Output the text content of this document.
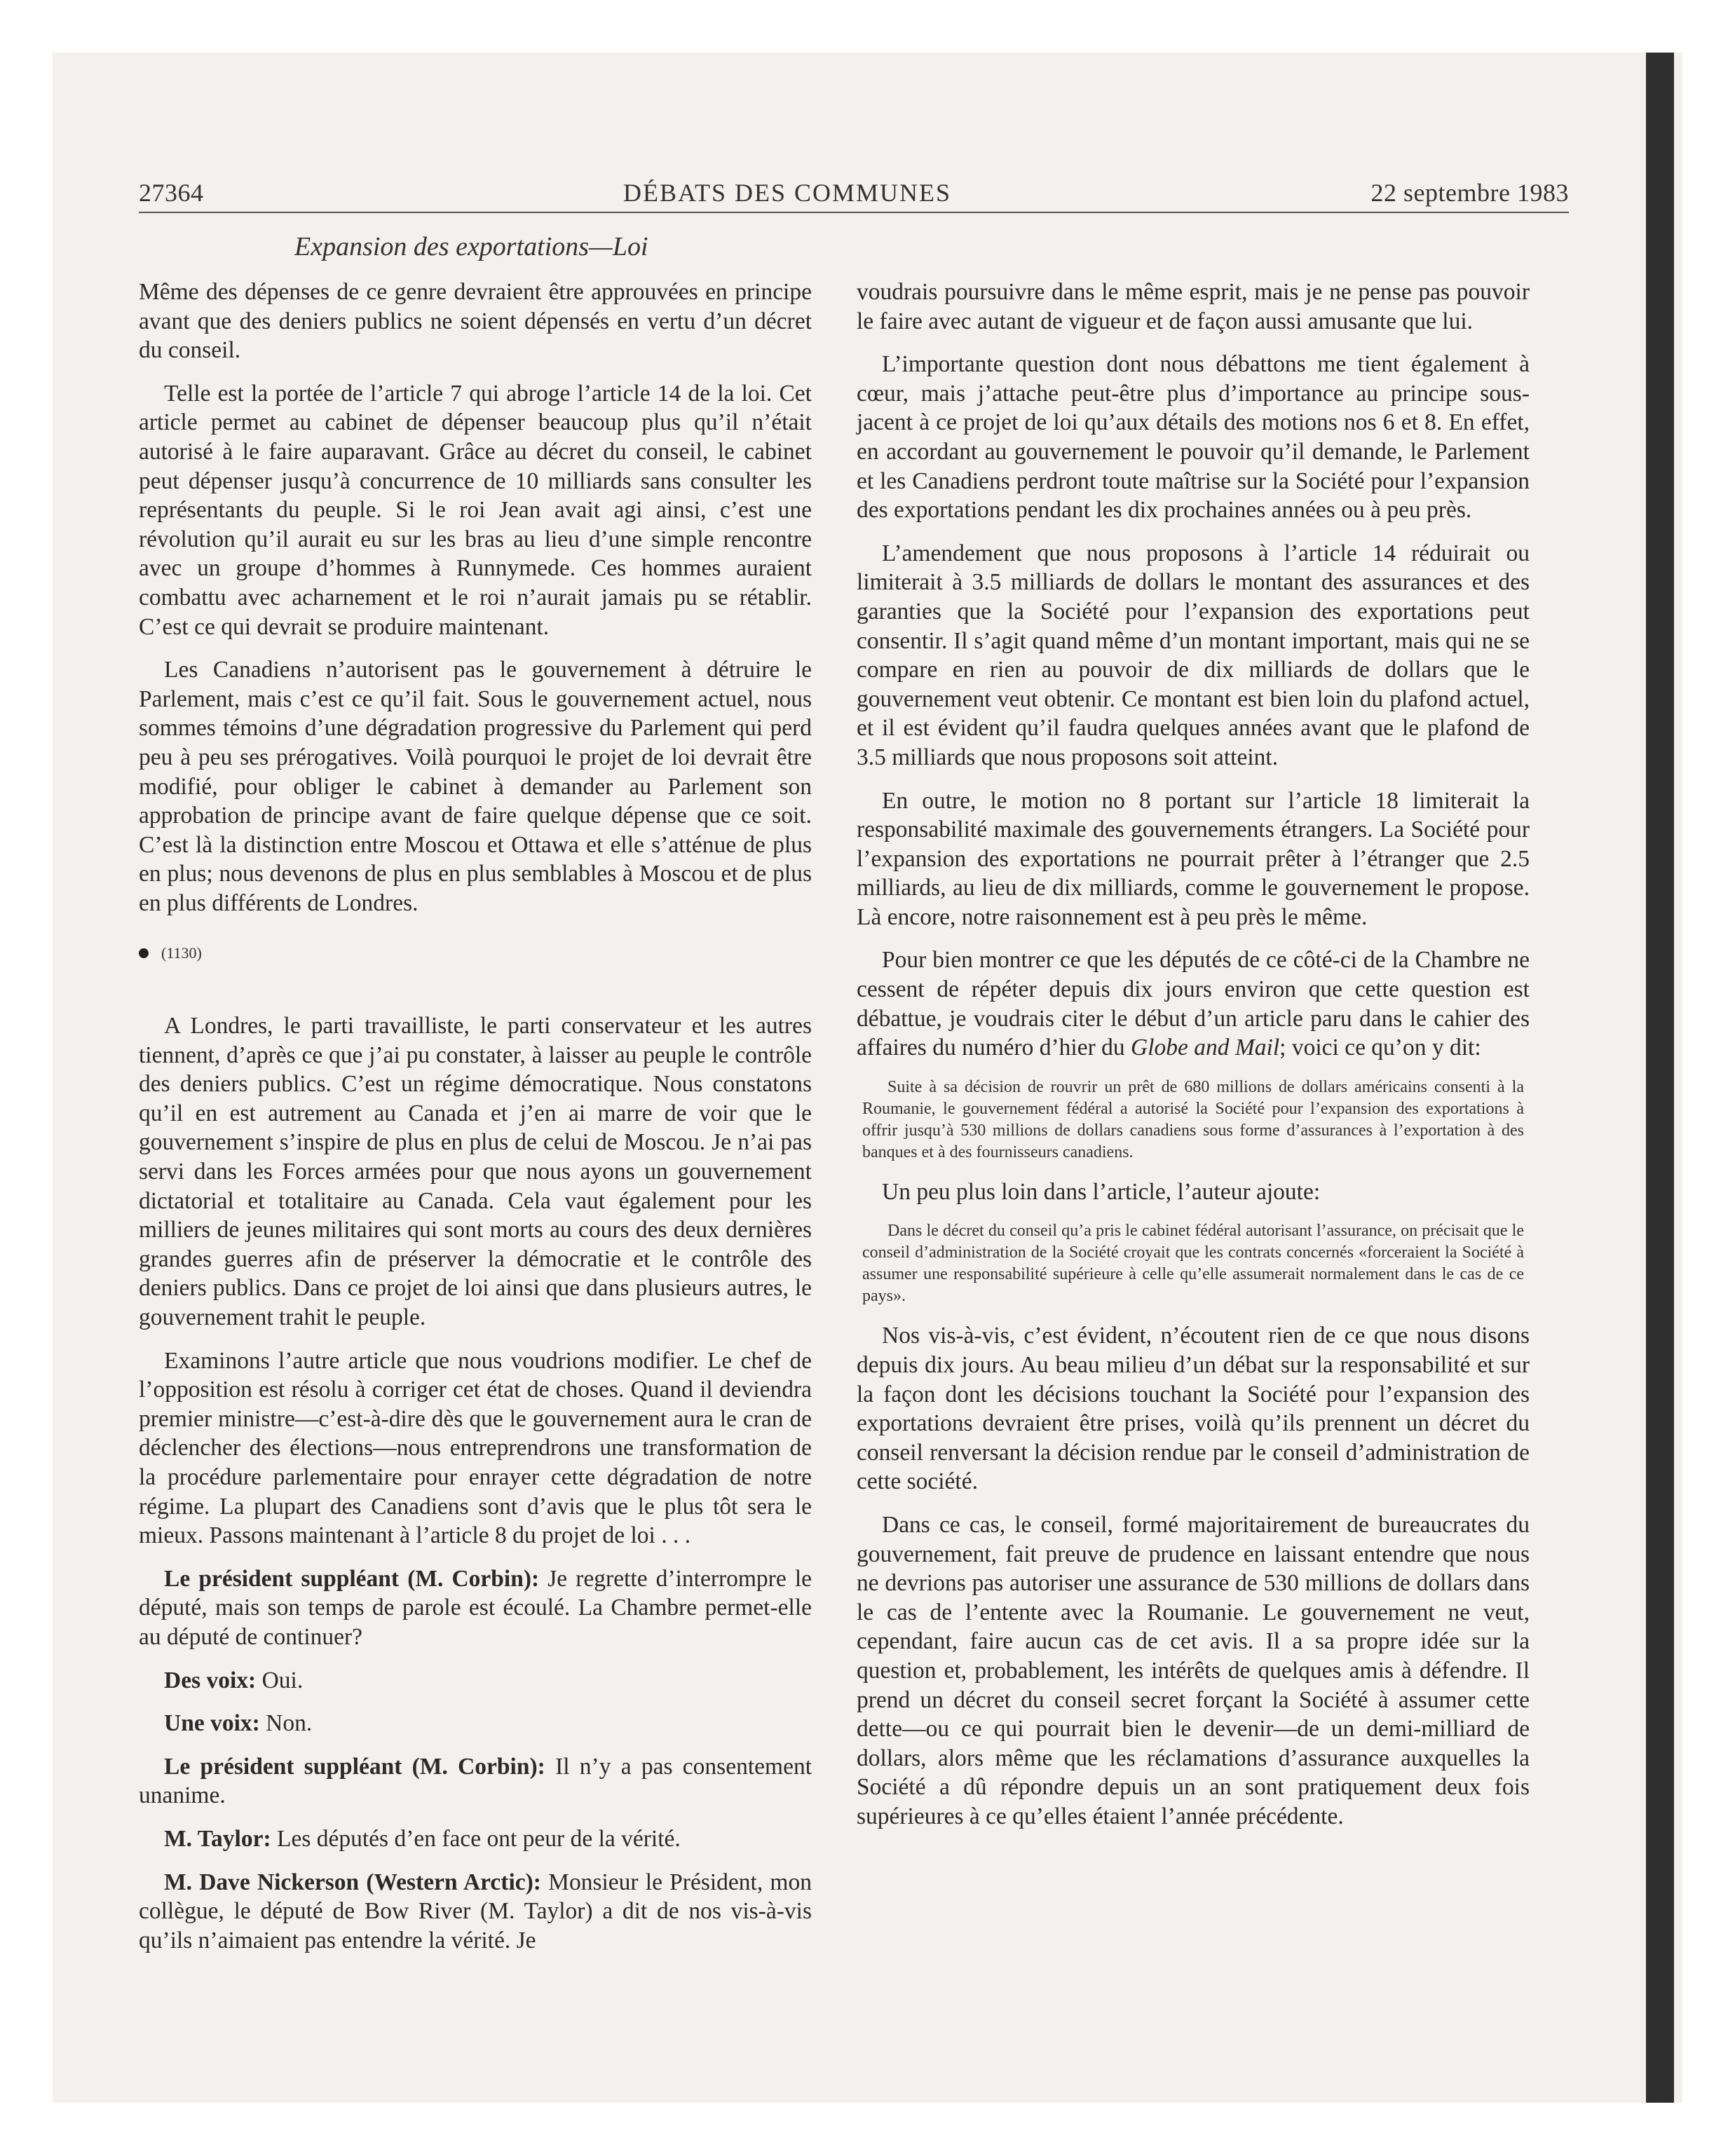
27364	DÉBATS DES COMMUNES	22 septembre 1983
Expansion des exportations—Loi

Même des dépenses de ce genre devraient être approuvées en principe avant que des deniers publics ne soient dépensés en vertu d’un décret du conseil.

Telle est la portée de l’article 7 qui abroge l’article 14 de la loi. Cet article permet au cabinet de dépenser beaucoup plus qu’il n’était autorisé à le faire auparavant. Grâce au décret du conseil, le cabinet peut dépenser jusqu’à concurrence de 10 milliards sans consulter les représentants du peuple. Si le roi Jean avait agi ainsi, c’est une révolution qu’il aurait eu sur les bras au lieu d’une simple rencontre avec un groupe d’hommes à Runnymede. Ces hommes auraient combattu avec acharnement et le roi n’aurait jamais pu se rétablir. C’est ce qui devrait se produire maintenant.

Les Canadiens n’autorisent pas le gouvernement à détruire le Parlement, mais c’est ce qu’il fait. Sous le gouvernement actuel, nous sommes témoins d’une dégradation progressive du Parlement qui perd peu à peu ses prérogatives. Voilà pourquoi le projet de loi devrait être modifié, pour obliger le cabinet à demander au Parlement son approbation de principe avant de faire quelque dépense que ce soit. C’est là la distinction entre Moscou et Ottawa et elle s’atténue de plus en plus; nous devenons de plus en plus semblables à Moscou et de plus en plus différents de Londres.

(1130)

A Londres, le parti travailliste, le parti conservateur et les autres tiennent, d’après ce que j’ai pu constater, à laisser au peuple le contrôle des deniers publics. C’est un régime démocratique. Nous constatons qu’il en est autrement au Canada et j’en ai marre de voir que le gouvernement s’inspire de plus en plus de celui de Moscou. Je n’ai pas servi dans les Forces armées pour que nous ayons un gouvernement dictatorial et totalitaire au Canada. Cela vaut également pour les milliers de jeunes militaires qui sont morts au cours des deux dernières grandes guerres afin de préserver la démocratie et le contrôle des deniers publics. Dans ce projet de loi ainsi que dans plusieurs autres, le gouvernement trahit le peuple.

Examinons l’autre article que nous voudrions modifier. Le chef de l’opposition est résolu à corriger cet état de choses. Quand il deviendra premier ministre—c’est-à-dire dès que le gouvernement aura le cran de déclencher des élections—nous entreprendrons une transformation de la procédure parlementaire pour enrayer cette dégradation de notre régime. La plupart des Canadiens sont d’avis que le plus tôt sera le mieux. Passons maintenant à l’article 8 du projet de loi . . .

Le président suppléant (M. Corbin): Je regrette d’interrompre le député, mais son temps de parole est écoulé. La Chambre permet-elle au député de continuer?

Des voix: Oui.

Une voix: Non.

Le président suppléant (M. Corbin): Il n’y a pas consentement unanime.

M. Taylor: Les députés d’en face ont peur de la vérité.

M. Dave Nickerson (Western Arctic): Monsieur le Président, mon collègue, le député de Bow River (M. Taylor) a dit de nos vis-à-vis qu’ils n’aimaient pas entendre la vérité. Je

voudrais poursuivre dans le même esprit, mais je ne pense pas pouvoir le faire avec autant de vigueur et de façon aussi amusante que lui.

L’importante question dont nous débattons me tient également à cœur, mais j’attache peut-être plus d’importance au principe sous-jacent à ce projet de loi qu’aux détails des motions nos 6 et 8. En effet, en accordant au gouvernement le pouvoir qu’il demande, le Parlement et les Canadiens perdront toute maîtrise sur la Société pour l’expansion des exportations pendant les dix prochaines années ou à peu près.

L’amendement que nous proposons à l’article 14 réduirait ou limiterait à 3.5 milliards de dollars le montant des assurances et des garanties que la Société pour l’expansion des exportations peut consentir. Il s’agit quand même d’un montant important, mais qui ne se compare en rien au pouvoir de dix milliards de dollars que le gouvernement veut obtenir. Ce montant est bien loin du plafond actuel, et il est évident qu’il faudra quelques années avant que le plafond de 3.5 milliards que nous proposons soit atteint.

En outre, le motion no 8 portant sur l’article 18 limiterait la responsabilité maximale des gouvernements étrangers. La Société pour l’expansion des exportations ne pourrait prêter à l’étranger que 2.5 milliards, au lieu de dix milliards, comme le gouvernement le propose. Là encore, notre raisonnement est à peu près le même.

Pour bien montrer ce que les députés de ce côté-ci de la Chambre ne cessent de répéter depuis dix jours environ que cette question est débattue, je voudrais citer le début d’un article paru dans le cahier des affaires du numéro d’hier du Globe and Mail; voici ce qu’on y dit:

Suite à sa décision de rouvrir un prêt de 680 millions de dollars américains consenti à la Roumanie, le gouvernement fédéral a autorisé la Société pour l’expansion des exportations à offrir jusqu’à 530 millions de dollars canadiens sous forme d’assurances à l’exportation à des banques et à des fournisseurs canadiens.

Un peu plus loin dans l’article, l’auteur ajoute:

Dans le décret du conseil qu’a pris le cabinet fédéral autorisant l’assurance, on précisait que le conseil d’administration de la Société croyait que les contrats concernés «forceraient la Société à assumer une responsabilité supérieure à celle qu’elle assumerait normalement dans le cas de ce pays».

Nos vis-à-vis, c’est évident, n’écoutent rien de ce que nous disons depuis dix jours. Au beau milieu d’un débat sur la responsabilité et sur la façon dont les décisions touchant la Société pour l’expansion des exportations devraient être prises, voilà qu’ils prennent un décret du conseil renversant la décision rendue par le conseil d’administration de cette société.

Dans ce cas, le conseil, formé majoritairement de bureaucrates du gouvernement, fait preuve de prudence en laissant entendre que nous ne devrions pas autoriser une assurance de 530 millions de dollars dans le cas de l’entente avec la Roumanie. Le gouvernement ne veut, cependant, faire aucun cas de cet avis. Il a sa propre idée sur la question et, probablement, les intérêts de quelques amis à défendre. Il prend un décret du conseil secret forçant la Société à assumer cette dette—ou ce qui pourrait bien le devenir—de un demi-milliard de dollars, alors même que les réclamations d’assurance auxquelles la Société a dû répondre depuis un an sont pratiquement deux fois supérieures à ce qu’elles étaient l’année précédente.
